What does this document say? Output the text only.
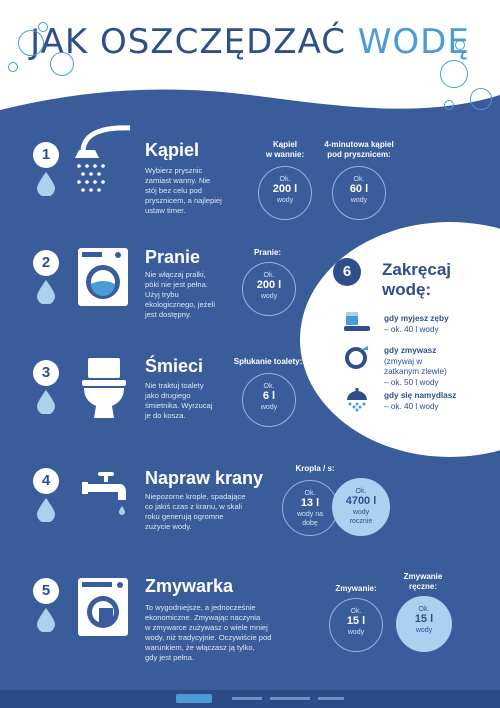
JAK OSZCZĘDZAĆ WODĘ
1	Kąpiel
Wybierz prysznic
zamiast wanny. Nie
stój bez celu pod
prysznicem, a najlepiej
ustaw timer.
Kąpiel
w wannie:
4-minutowa kąpiel
pod prysznicem:
Ok.
200 l
wody
Ok.
60 l
wody
2	Pranie
Nie włączaj pralki,
póki nie jest pełna.
Użyj trybu
ekologicznego, jeżeli
jest dostępny.
Pranie:
Ok.
200 l
wody
3	Śmieci
Nie traktuj toalety
jako drugiego
śmietnika. Wyrzucaj
je do kosza.
Spłukanie toalety:
Ok.
6 l
wody
4	Napraw krany
Niepozorne krople, spadające
co jakiś czas z kranu, w skali
roku generują ogromne
zużycie wody.
Kropla / s:
Ok.
13 l
wody na
dobę
Ok.
4700 l
wody
rocznie
5	Zmywarka
To wygodniejsze, a jednocześnie
ekonomiczne. Zmywając naczynia
w zmywarce zużywasz o wiele mniej
wody, niż tradycyjnie. Oczywiście pod
warunkiem, że włączasz ją tylko,
gdy jest pełna.
Zmywanie:
Zmywanie
ręczne:
Ok.
15 l
wody
Ok.
15 l
wody
6	Zakręcaj
wodę:
gdy myjesz zęby
– ok. 40 l wody
gdy zmywasz
(zmywaj w
zatkanym zlewie)
– ok. 50 l wody
gdy się namydlasz
– ok. 40 l wody
